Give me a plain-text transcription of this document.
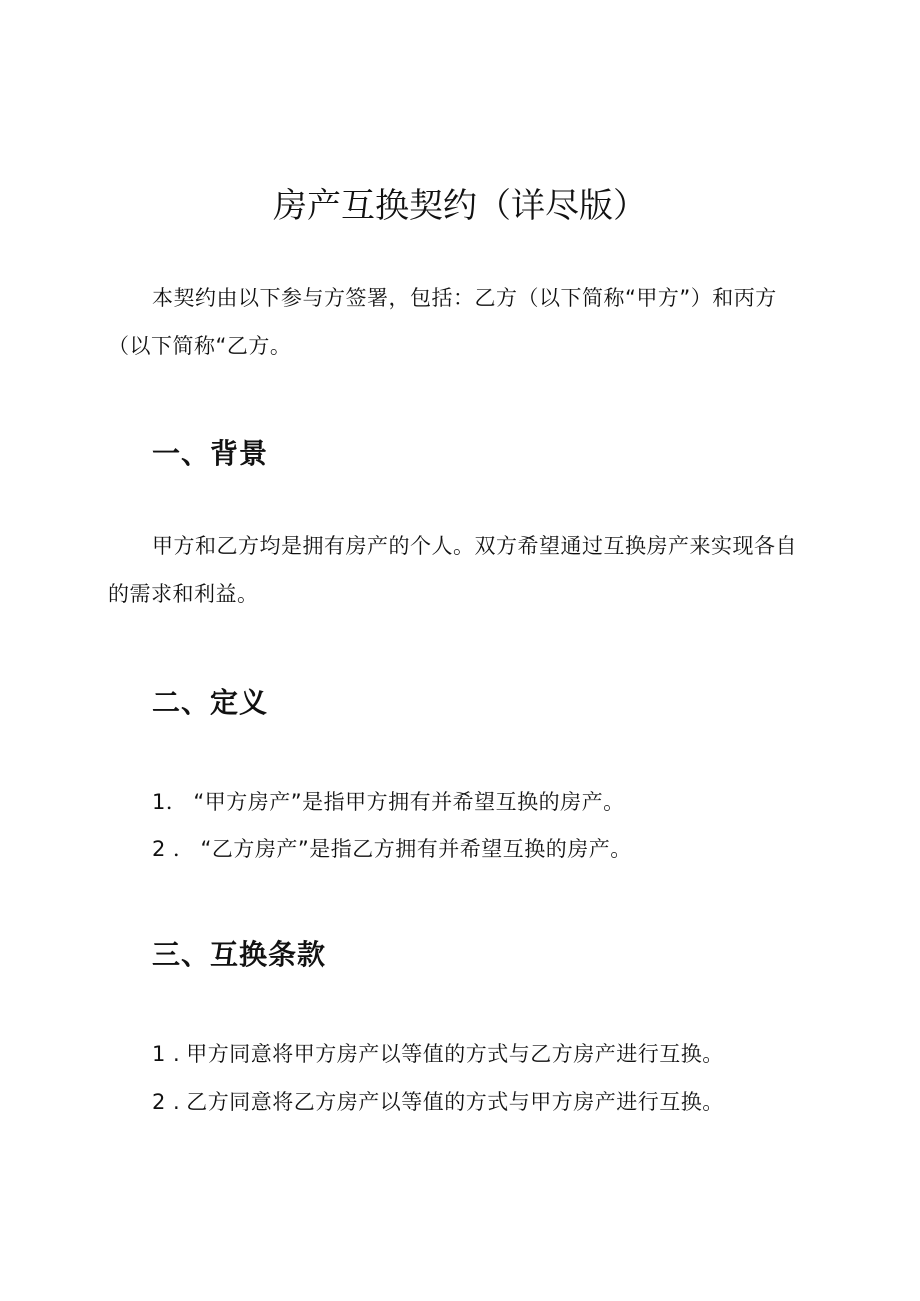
房产互换契约（详尽版）

本契约由以下参与方签署，包括：乙方（以下简称“甲方”）和丙方（以下简称“乙方。

一、背景

甲方和乙方均是拥有房产的个人。双方希望通过互换房产来实现各自的需求和利益。

二、定义

1． “甲方房产”是指甲方拥有并希望互换的房产。

2 ． “乙方房产”是指乙方拥有并希望互换的房产。

三、互换条款

1 . 甲方同意将甲方房产以等值的方式与乙方房产进行互换。

2 . 乙方同意将乙方房产以等值的方式与甲方房产进行互换。
